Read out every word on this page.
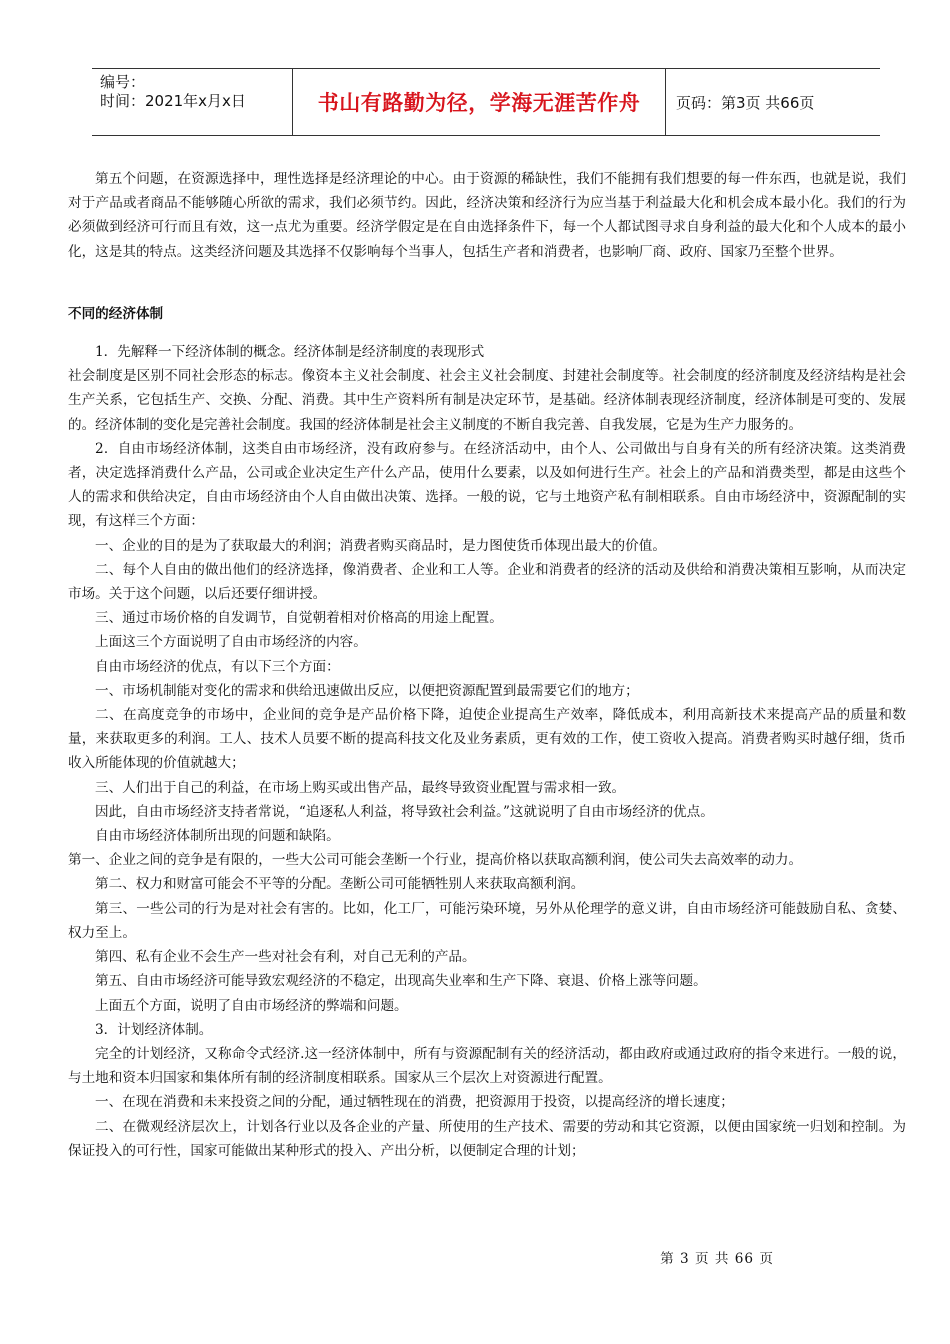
编号：
时间：2021年x月x日	书山有路勤为径，学海无涯苦作舟	页码：第3页 共66页

第五个问题，在资源选择中，理性选择是经济理论的中心。由于资源的稀缺性，我们不能拥有我们想要的每一件东西，也就是说，我们对于产品或者商品不能够随心所欲的需求，我们必须节约。因此，经济决策和经济行为应当基于利益最大化和机会成本最小化。我们的行为必须做到经济可行而且有效，这一点尤为重要。经济学假定是在自由选择条件下，每一个人都试图寻求自身利益的最大化和个人成本的最小化，这是其的特点。这类经济问题及其选择不仅影响每个当事人，包括生产者和消费者，也影响厂商、政府、国家乃至整个世界。

不同的经济体制

1．先解释一下经济体制的概念。经济体制是经济制度的表现形式

社会制度是区别不同社会形态的标志。像资本主义社会制度、社会主义社会制度、封建社会制度等。社会制度的经济制度及经济结构是社会生产关系，它包括生产、交换、分配、消费。其中生产资料所有制是决定环节，是基础。经济体制表现经济制度，经济体制是可变的、发展的。经济体制的变化是完善社会制度。我国的经济体制是社会主义制度的不断自我完善、自我发展，它是为生产力服务的。

2．自由市场经济体制，这类自由市场经济，没有政府参与。在经济活动中，由个人、公司做出与自身有关的所有经济决策。这类消费者，决定选择消费什么产品，公司或企业决定生产什么产品，使用什么要素，以及如何进行生产。社会上的产品和消费类型，都是由这些个人的需求和供给决定，自由市场经济由个人自由做出决策、选择。一般的说，它与土地资产私有制相联系。自由市场经济中，资源配制的实现，有这样三个方面：

一、企业的目的是为了获取最大的利润；消费者购买商品时，是力图使货币体现出最大的价值。

二、每个人自由的做出他们的经济选择，像消费者、企业和工人等。企业和消费者的经济的活动及供给和消费决策相互影响，从而决定市场。关于这个问题，以后还要仔细讲授。

三、通过市场价格的自发调节，自觉朝着相对价格高的用途上配置。

上面这三个方面说明了自由市场经济的内容。

自由市场经济的优点，有以下三个方面：

一、市场机制能对变化的需求和供给迅速做出反应，以便把资源配置到最需要它们的地方；

二、在高度竞争的市场中，企业间的竞争是产品价格下降，迫使企业提高生产效率，降低成本，利用高新技术来提高产品的质量和数量，来获取更多的利润。工人、技术人员要不断的提高科技文化及业务素质，更有效的工作，使工资收入提高。消费者购买时越仔细，货币收入所能体现的价值就越大；

三、人们出于自己的利益，在市场上购买或出售产品，最终导致资业配置与需求相一致。

因此，自由市场经济支持者常说，“追逐私人利益，将导致社会利益。”这就说明了自由市场经济的优点。

自由市场经济体制所出现的问题和缺陷。

第一、企业之间的竞争是有限的，一些大公司可能会垄断一个行业，提高价格以获取高额利润，使公司失去高效率的动力。

第二、权力和财富可能会不平等的分配。垄断公司可能牺牲别人来获取高额利润。

第三、一些公司的行为是对社会有害的。比如，化工厂，可能污染环境，另外从伦理学的意义讲，自由市场经济可能鼓励自私、贪婪、权力至上。

第四、私有企业不会生产一些对社会有利，对自己无利的产品。

第五、自由市场经济可能导致宏观经济的不稳定，出现高失业率和生产下降、衰退、价格上涨等问题。

上面五个方面，说明了自由市场经济的弊端和问题。

3．计划经济体制。

完全的计划经济，又称命令式经济.这一经济体制中，所有与资源配制有关的经济活动，都由政府或通过政府的指令来进行。一般的说，与土地和资本归国家和集体所有制的经济制度相联系。国家从三个层次上对资源进行配置。

一、在现在消费和未来投资之间的分配，通过牺牲现在的消费，把资源用于投资，以提高经济的增长速度；

二、在微观经济层次上，计划各行业以及各企业的产量、所使用的生产技术、需要的劳动和其它资源，以便由国家统一归划和控制。为保证投入的可行性，国家可能做出某种形式的投入、产出分析，以便制定合理的计划；

第 3 页 共 66 页
